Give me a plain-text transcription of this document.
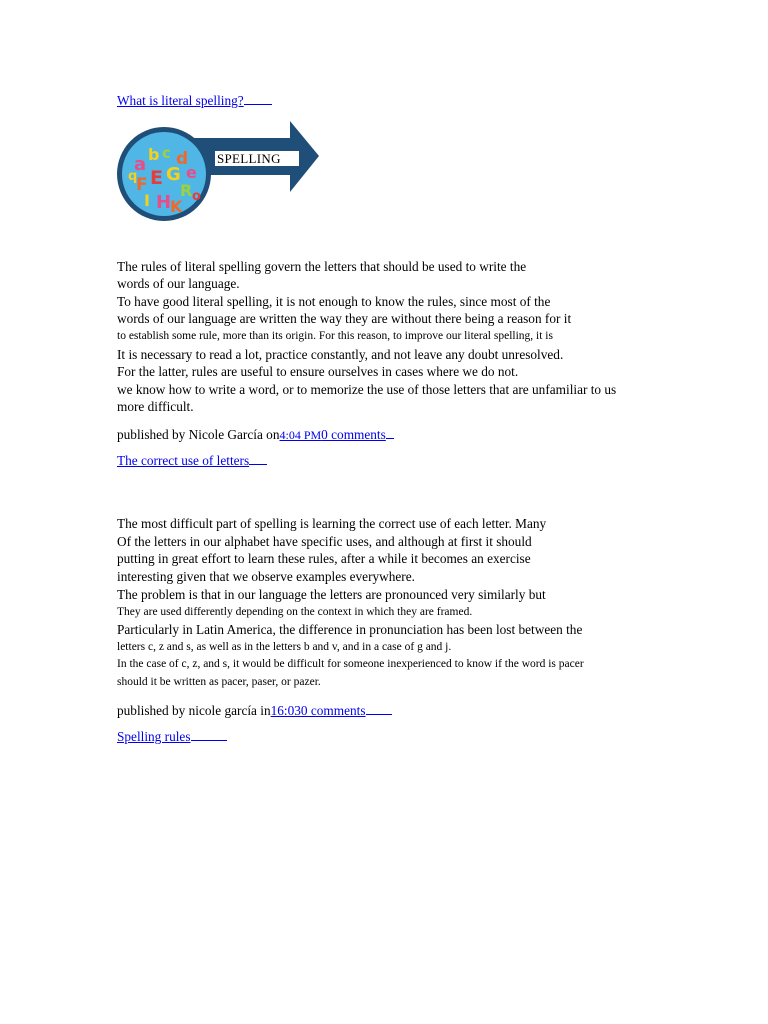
What is literal spelling?
a b c d
e
F E G
R
I H
K
q
o
SPELLING
The rules of literal spelling govern the letters that should be used to write the
words of our language.
To have good literal spelling, it is not enough to know the rules, since most of the
words of our language are written the way they are without there being a reason for it
to establish some rule, more than its origin. For this reason, to improve our literal spelling, it is
It is necessary to read a lot, practice constantly, and not leave any doubt unresolved.
For the latter, rules are useful to ensure ourselves in cases where we do not.
we know how to write a word, or to memorize the use of those letters that are unfamiliar to us
more difficult.
published by Nicole García on4:04 PM0 comments
The correct use of letters
The most difficult part of spelling is learning the correct use of each letter. Many
Of the letters in our alphabet have specific uses, and although at first it should
putting in great effort to learn these rules, after a while it becomes an exercise
interesting given that we observe examples everywhere.
The problem is that in our language the letters are pronounced very similarly but
They are used differently depending on the context in which they are framed.
Particularly in Latin America, the difference in pronunciation has been lost between the
letters c, z and s, as well as in the letters b and v, and in a case of g and j.
In the case of c, z, and s, it would be difficult for someone inexperienced to know if the word is pacer
should it be written as pacer, paser, or pazer.
published by nicole garcía in16:030 comments
Spelling rules
